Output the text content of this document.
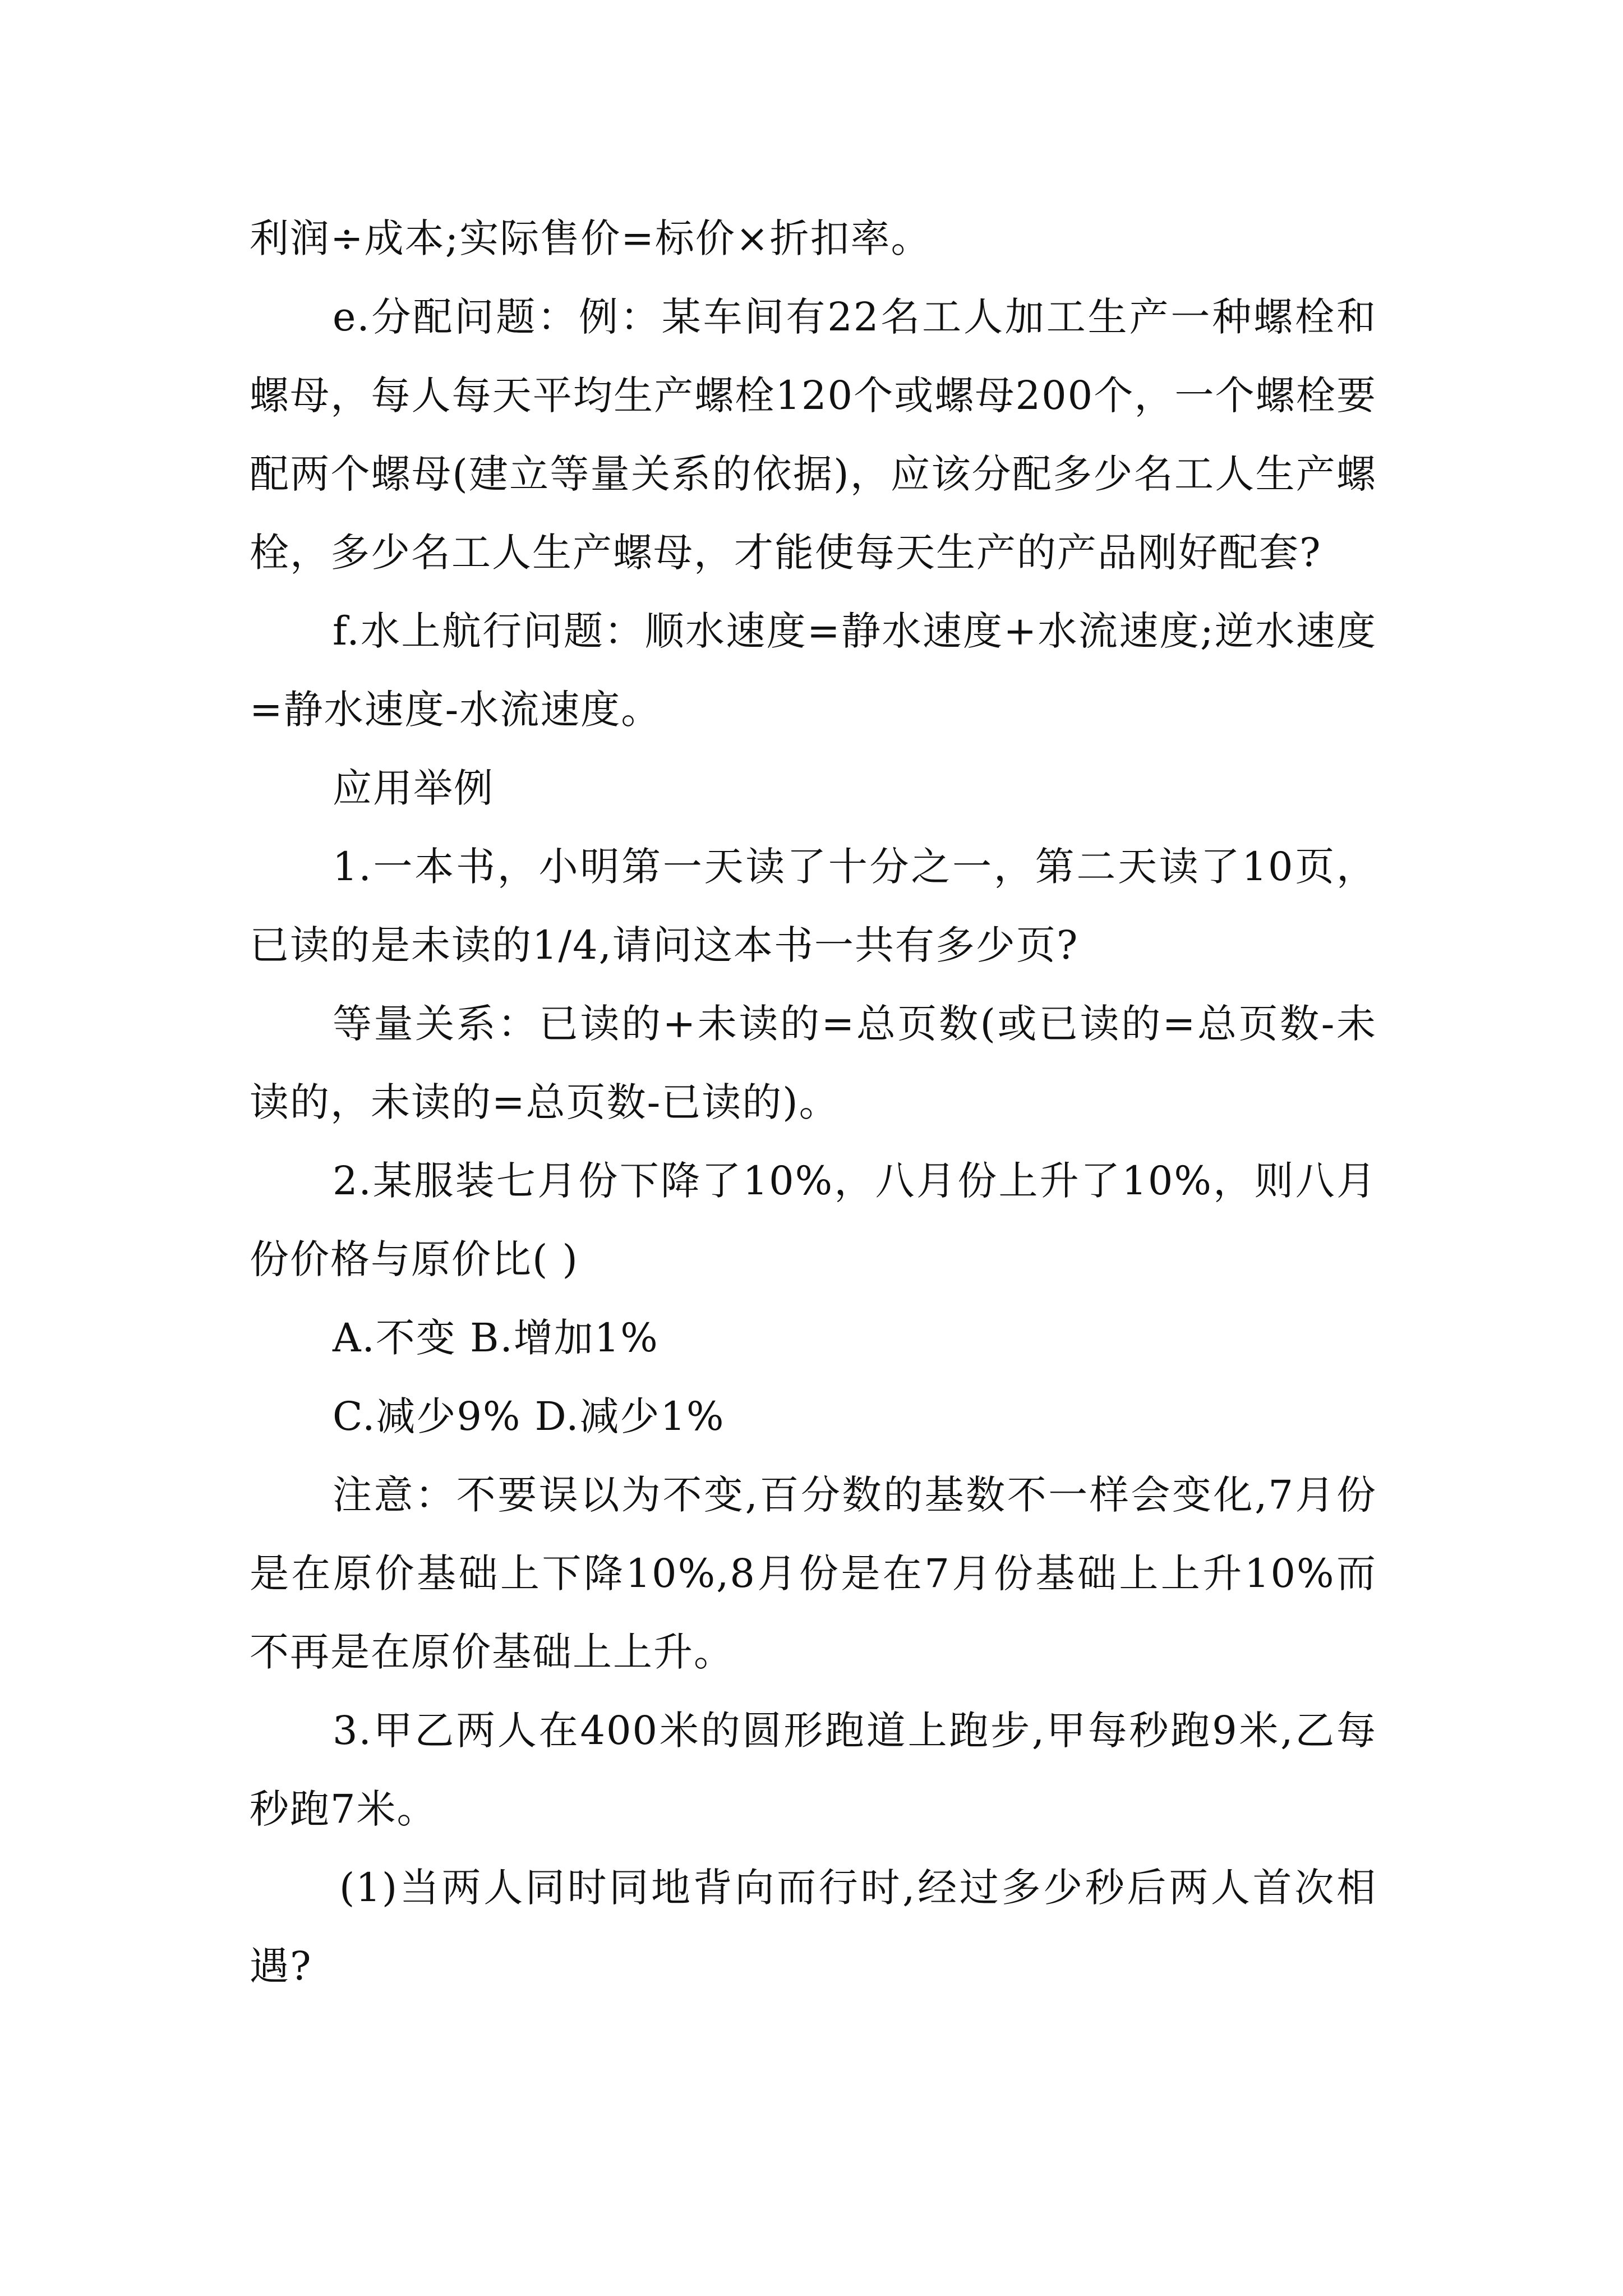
利润÷成本;实际售价=标价×折扣率。

e.分配问题：例：某车间有22名工人加工生产一种螺栓和螺母，每人每天平均生产螺栓120个或螺母200个，一个螺栓要配两个螺母(建立等量关系的依据)，应该分配多少名工人生产螺栓，多少名工人生产螺母，才能使每天生产的产品刚好配套?

f.水上航行问题：顺水速度=静水速度+水流速度;逆水速度=静水速度-水流速度。

应用举例

1.一本书，小明第一天读了十分之一，第二天读了10页，已读的是未读的1/4,请问这本书一共有多少页?

等量关系：已读的+未读的=总页数(或已读的=总页数-未读的，未读的=总页数-已读的)。

2.某服装七月份下降了10%，八月份上升了10%，则八月份价格与原价比( )

A.不变 B.增加1%

C.减少9% D.减少1%

注意：不要误以为不变,百分数的基数不一样会变化,7月份是在原价基础上下降10%,8月份是在7月份基础上上升10%而不再是在原价基础上上升。

3.甲乙两人在400米的圆形跑道上跑步,甲每秒跑9米,乙每秒跑7米。

(1)当两人同时同地背向而行时,经过多少秒后两人首次相遇?
